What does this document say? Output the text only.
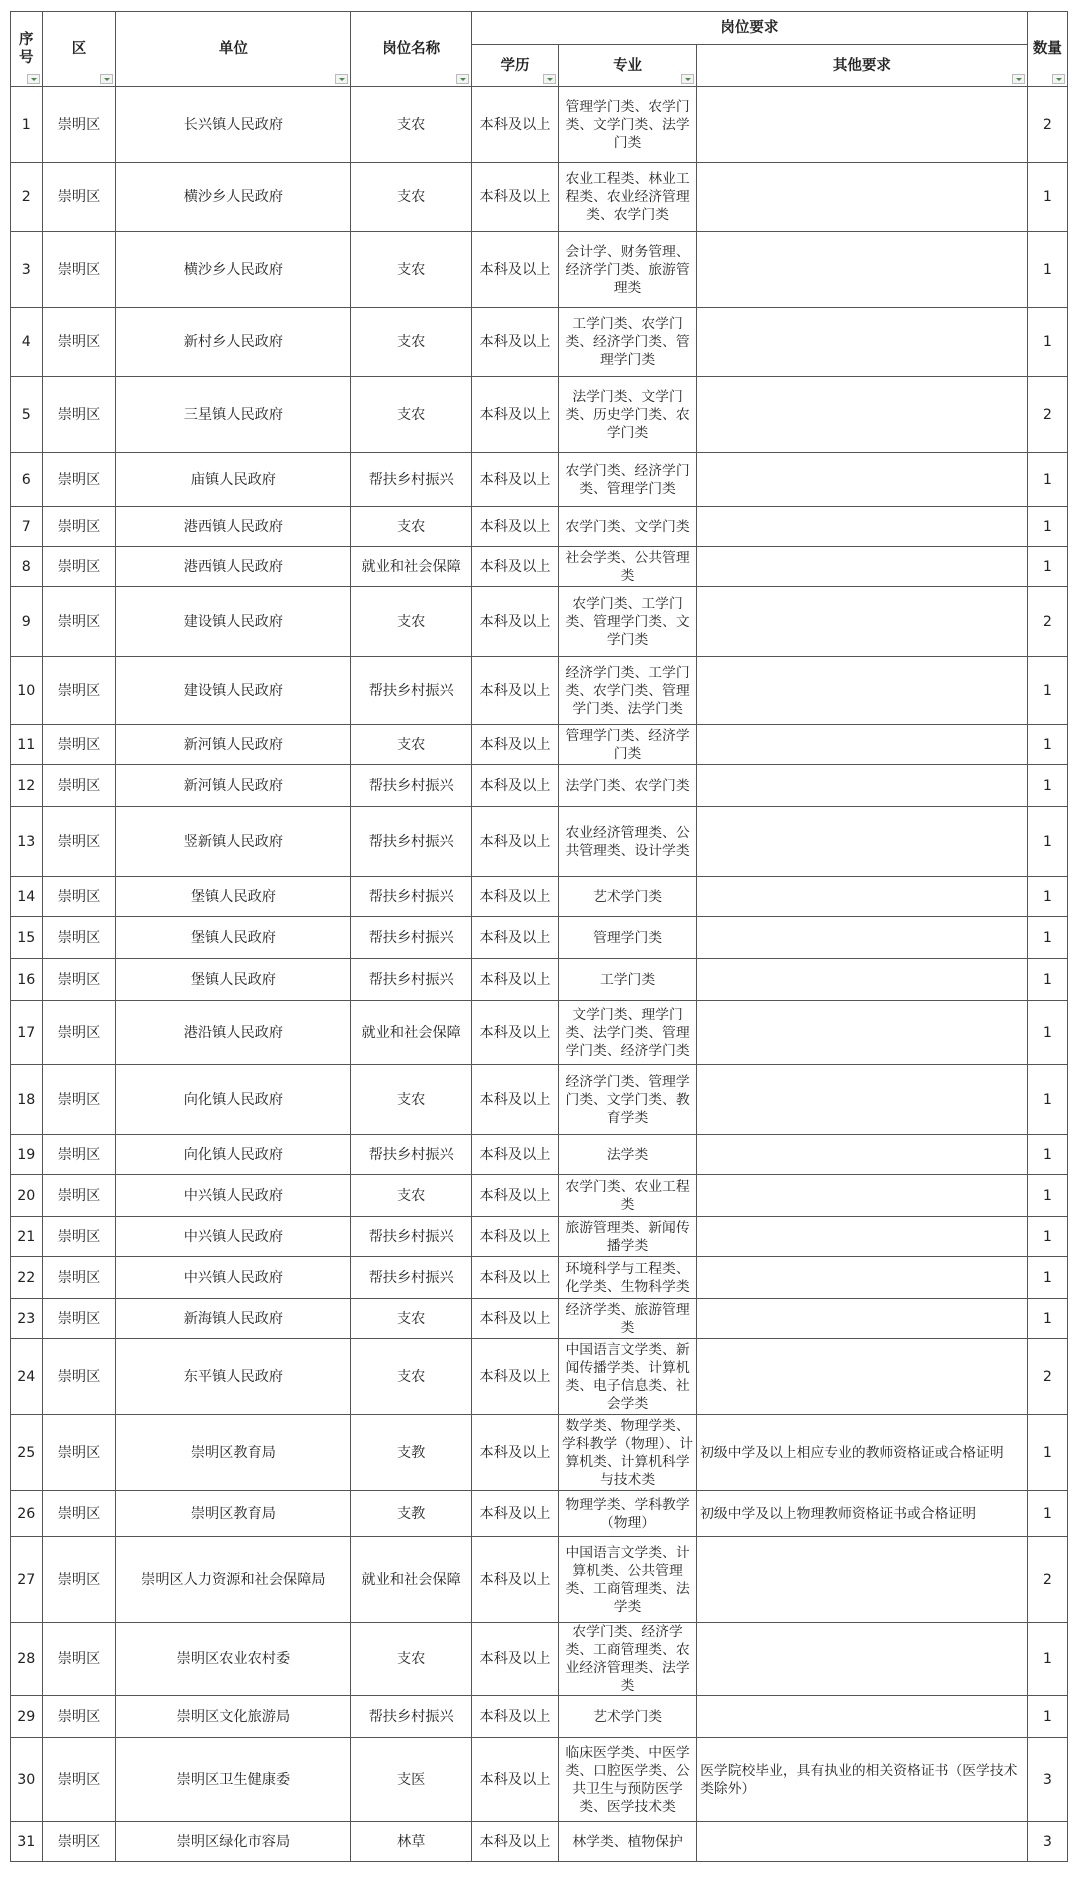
序号	区	单位	岗位名称	岗位要求			数量

				学历	专业	其他要求	

1	崇明区	长兴镇人民政府	支农	本科及以上	管理学门类、农学门类、文学门类、法学门类		2
2	崇明区	横沙乡人民政府	支农	本科及以上	农业工程类、林业工程类、农业经济管理类、农学门类		1
3	崇明区	横沙乡人民政府	支农	本科及以上	会计学、财务管理、经济学门类、旅游管理类		1
4	崇明区	新村乡人民政府	支农	本科及以上	工学门类、农学门类、经济学门类、管理学门类		1
5	崇明区	三星镇人民政府	支农	本科及以上	法学门类、文学门类、历史学门类、农学门类		2
6	崇明区	庙镇人民政府	帮扶乡村振兴	本科及以上	农学门类、经济学门类、管理学门类		1
7	崇明区	港西镇人民政府	支农	本科及以上	农学门类、文学门类		1
8	崇明区	港西镇人民政府	就业和社会保障	本科及以上	社会学类、公共管理类		1
9	崇明区	建设镇人民政府	支农	本科及以上	农学门类、工学门类、管理学门类、文学门类		2
10	崇明区	建设镇人民政府	帮扶乡村振兴	本科及以上	经济学门类、工学门类、农学门类、管理学门类、法学门类		1
11	崇明区	新河镇人民政府	支农	本科及以上	管理学门类、经济学门类		1
12	崇明区	新河镇人民政府	帮扶乡村振兴	本科及以上	法学门类、农学门类		1
13	崇明区	竖新镇人民政府	帮扶乡村振兴	本科及以上	农业经济管理类、公共管理类、设计学类		1
14	崇明区	堡镇人民政府	帮扶乡村振兴	本科及以上	艺术学门类		1
15	崇明区	堡镇人民政府	帮扶乡村振兴	本科及以上	管理学门类		1
16	崇明区	堡镇人民政府	帮扶乡村振兴	本科及以上	工学门类		1
17	崇明区	港沿镇人民政府	就业和社会保障	本科及以上	文学门类、理学门类、法学门类、管理学门类、经济学门类		1
18	崇明区	向化镇人民政府	支农	本科及以上	经济学门类、管理学门类、文学门类、教育学类		1
19	崇明区	向化镇人民政府	帮扶乡村振兴	本科及以上	法学类		1
20	崇明区	中兴镇人民政府	支农	本科及以上	农学门类、农业工程类		1
21	崇明区	中兴镇人民政府	帮扶乡村振兴	本科及以上	旅游管理类、新闻传播学类		1
22	崇明区	中兴镇人民政府	帮扶乡村振兴	本科及以上	环境科学与工程类、化学类、生物科学类		1
23	崇明区	新海镇人民政府	支农	本科及以上	经济学类、旅游管理类		1
24	崇明区	东平镇人民政府	支农	本科及以上	中国语言文学类、新闻传播学类、计算机类、电子信息类、社会学类		2
25	崇明区	崇明区教育局	支教	本科及以上	数学类、物理学类、学科教学（物理）、计算机类、计算机科学与技术类	初级中学及以上相应专业的教师资格证或合格证明	1
26	崇明区	崇明区教育局	支教	本科及以上	物理学类、学科教学（物理）	初级中学及以上物理教师资格证书或合格证明	1
27	崇明区	崇明区人力资源和社会保障局	就业和社会保障	本科及以上	中国语言文学类、计算机类、公共管理类、工商管理类、法学类		2
28	崇明区	崇明区农业农村委	支农	本科及以上	农学门类、经济学类、工商管理类、农业经济管理类、法学类		1
29	崇明区	崇明区文化旅游局	帮扶乡村振兴	本科及以上	艺术学门类		1
30	崇明区	崇明区卫生健康委	支医	本科及以上	临床医学类、中医学类、口腔医学类、公共卫生与预防医学类、医学技术类	医学院校毕业，具有执业的相关资格证书（医学技术类除外）	3
31	崇明区	崇明区绿化市容局	林草	本科及以上	林学类、植物保护		3
